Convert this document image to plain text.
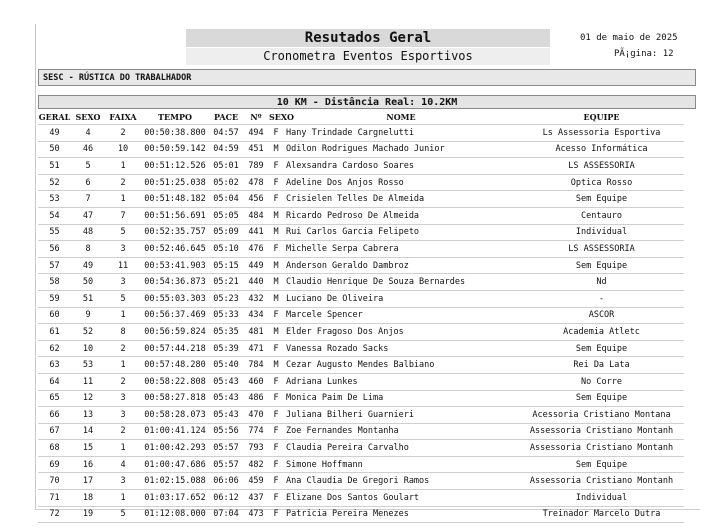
Resutados Geral
Cronometra Eventos Esportivos
01 de maio de 2025
PÃ¡gina: 12
SESC - RÚSTICA DO TRABALHADOR
10 KM - Distância Real: 10.2KM
GERAL	SEXO	FAIXA	TEMPO	PACE	Nº	SEXO	NOME	EQUIPE
49	4	2	00:50:38.800	04:57	494	F	Hany Trindade Cargnelutti	Ls Assessoria Esportiva
50	46	10	00:50:59.142	04:59	451	M	Odilon Rodrigues Machado Junior	Acesso Informática
51	5	1	00:51:12.526	05:01	789	F	Alexsandra Cardoso Soares	LS ASSESSORIA
52	6	2	00:51:25.038	05:02	478	F	Adeline Dos Anjos Rosso	Optica Rosso
53	7	1	00:51:48.182	05:04	456	F	Crisielen Telles De Almeida	Sem Equipe
54	47	7	00:51:56.691	05:05	484	M	Ricardo Pedroso De Almeida	Centauro
55	48	5	00:52:35.757	05:09	441	M	Rui Carlos Garcia Felipeto	Individual
56	8	3	00:52:46.645	05:10	476	F	Michelle Serpa Cabrera	LS ASSESSORIA
57	49	11	00:53:41.903	05:15	449	M	Anderson Geraldo Dambroz	Sem Equipe
58	50	3	00:54:36.873	05:21	440	M	Claudio Henrique De Souza Bernardes	Nd
59	51	5	00:55:03.303	05:23	432	M	Luciano De Oliveira	-
60	9	1	00:56:37.469	05:33	434	F	Marcele Spencer	ASCOR
61	52	8	00:56:59.824	05:35	481	M	Elder Fragoso Dos Anjos	Academia Atletc
62	10	2	00:57:44.218	05:39	471	F	Vanessa Rozado Sacks	Sem Equipe
63	53	1	00:57:48.280	05:40	784	M	Cezar Augusto Mendes Balbiano	Rei Da Lata
64	11	2	00:58:22.808	05:43	460	F	Adriana Lunkes	No Corre
65	12	3	00:58:27.818	05:43	486	F	Monica Paim De Lima	Sem Equipe
66	13	3	00:58:28.073	05:43	470	F	Juliana Bilheri Guarnieri	Acessoria Cristiano Montana
67	14	2	01:00:41.124	05:56	774	F	Zoe Fernandes Montanha	Assessoria Cristiano Montanh
68	15	1	01:00:42.293	05:57	793	F	Claudia Pereira Carvalho	Assessoria Cristiano Montanh
69	16	4	01:00:47.686	05:57	482	F	Simone Hoffmann	Sem Equipe
70	17	3	01:02:15.088	06:06	459	F	Ana Claudia De Gregori Ramos	Assessoria Cristiano Montanh
71	18	1	01:03:17.652	06:12	437	F	Elizane Dos Santos Goulart	Individual
72	19	5	01:12:08.000	07:04	473	F	Patricia Pereira Menezes	Treinador Marcelo Dutra
